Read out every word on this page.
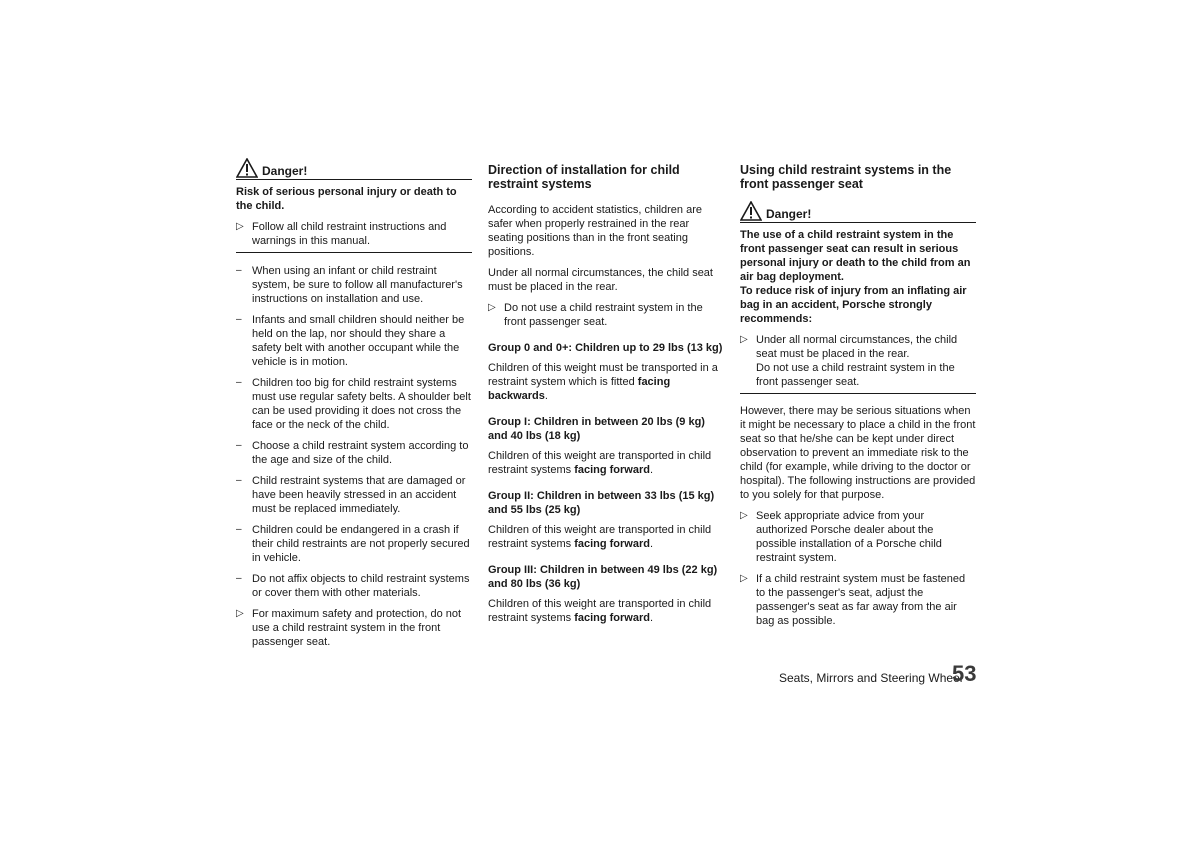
Danger!

Risk of serious personal injury or death to the child.

▷ Follow all child restraint instructions and warnings in this manual.

– When using an infant or child restraint system, be sure to follow all manufacturer's instructions on installation and use.

– Infants and small children should neither be held on the lap, nor should they share a safety belt with another occupant while the vehicle is in motion.

– Children too big for child restraint systems must use regular safety belts. A shoulder belt can be used providing it does not cross the face or the neck of the child.

– Choose a child restraint system according to the age and size of the child.

– Child restraint systems that are damaged or have been heavily stressed in an accident must be replaced immediately.

– Children could be endangered in a crash if their child restraints are not properly secured in vehicle.

– Do not affix objects to child restraint systems or cover them with other materials.

▷ For maximum safety and protection, do not use a child restraint system in the front passenger seat.

Direction of installation for child restraint systems

According to accident statistics, children are safer when properly restrained in the rear seating positions than in the front seating positions.

Under all normal circumstances, the child seat must be placed in the rear.

▷ Do not use a child restraint system in the front passenger seat.

Group 0 and 0+: Children up to 29 lbs (13 kg)

Children of this weight must be transported in a restraint system which is fitted facing backwards.

Group I: Children in between 20 lbs (9 kg) and 40 lbs (18 kg)

Children of this weight are transported in child restraint systems facing forward.

Group II: Children in between 33 lbs (15 kg) and 55 lbs (25 kg)

Children of this weight are transported in child restraint systems facing forward.

Group III: Children in between 49 lbs (22 kg) and 80 lbs (36 kg)

Children of this weight are transported in child restraint systems facing forward.

Using child restraint systems in the front passenger seat
Danger!

The use of a child restraint system in the front passenger seat can result in serious personal injury or death to the child from an air bag deployment.

To reduce risk of injury from an inflating air bag in an accident, Porsche strongly recommends:

▷ Under all normal circumstances, the child seat must be placed in the rear.

Do not use a child restraint system in the front passenger seat.

However, there may be serious situations when it might be necessary to place a child in the front seat so that he/she can be kept under direct observation to prevent an immediate risk to the child (for example, while driving to the doctor or hospital). The following instructions are provided to you solely for that purpose.

▷ Seek appropriate advice from your authorized Porsche dealer about the possible installation of a Porsche child restraint system.

▷ If a child restraint system must be fastened to the passenger's seat, adjust the passenger's seat as far away from the air bag as possible.

Seats, Mirrors and Steering Wheel
53
